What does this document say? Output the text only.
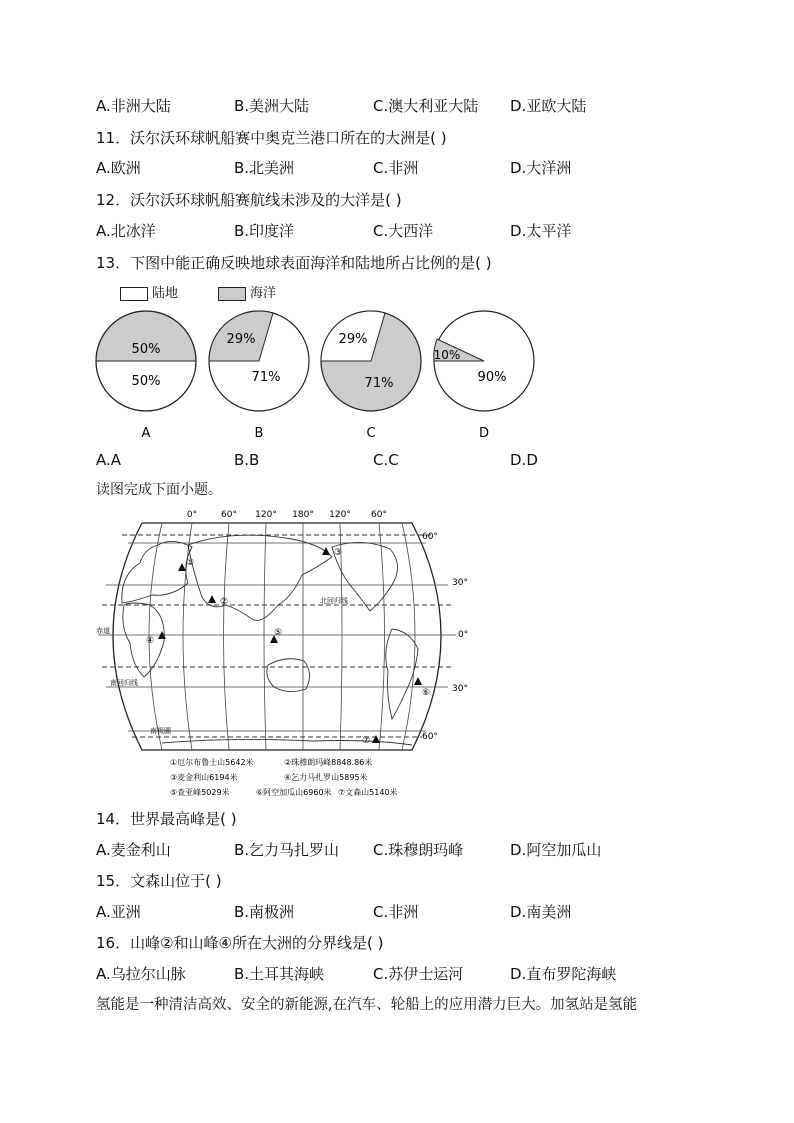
A.非洲大陆	B.美洲大陆	C.澳大利亚大陆 D.亚欧大陆
11．沃尔沃环球帆船赛中奥克兰港口所在的大洲是( )
A.欧洲	B.北美洲	C.非洲	D.大洋洲
12．沃尔沃环球帆船赛航线未涉及的大洋是( )
A.北冰洋	B.印度洋	C.大西洋	D.太平洋
13．下图中能正确反映地球表面海洋和陆地所占比例的是( )
陆地	海洋
50%
50%
A
29%
71%
B
29%
71%
C
10%
90%
D
A.A	B.B	C.C	D.D
读图完成下面小题。
0°	60° 120° 180° 120° 60°
60°
30°
0°
30°
60°
北回归线
赤道
南回归线
南极圈
①
②
③
④
⑤
⑥
⑦
①厄尔布鲁士山5642米	②珠穆朗玛峰8848.86米
③麦金利山6194米	④乞力马扎罗山5895米
⑤查亚峰5029米	⑥阿空加瓜山6960米 ⑦文森山5140米
14．世界最高峰是( )
A.麦金利山	B.乞力马扎罗山 C.珠穆朗玛峰	D.阿空加瓜山
15．文森山位于( )
A.亚洲	B.南极洲	C.非洲	D.南美洲
16．山峰②和山峰④所在大洲的分界线是( )
A.乌拉尔山脉	B.土耳其海峡	C.苏伊士运河	D.直布罗陀海峡
氢能是一种清洁高效、安全的新能源,在汽车、轮船上的应用潜力巨大。加氢站是氢能
